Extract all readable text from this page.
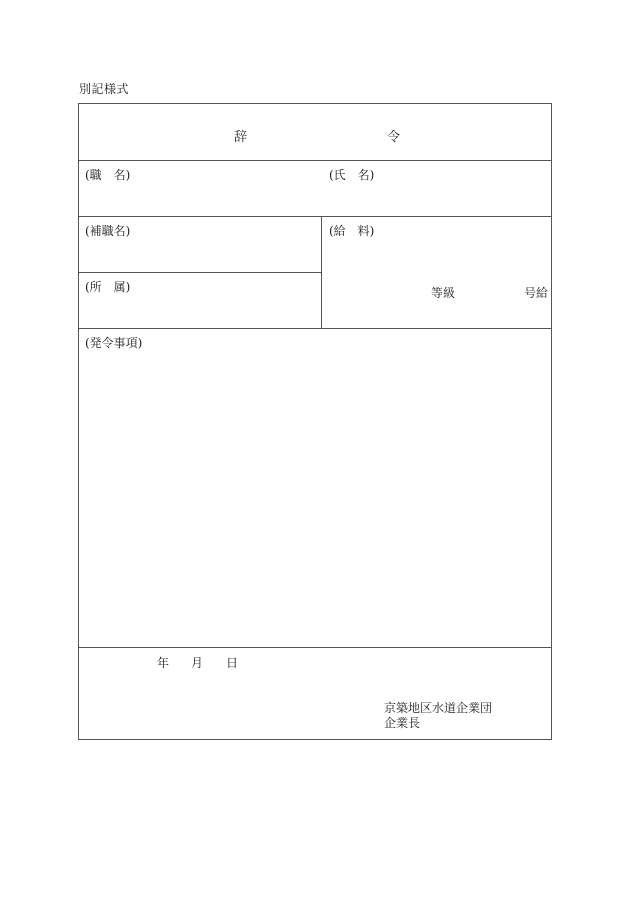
別記様式
辞	令
(職　名)	(氏　名)
(補職名)	(給　料)
(所　属)	等級	号給
(発令事項)
年 月 日
京築地区水道企業団
企業長
